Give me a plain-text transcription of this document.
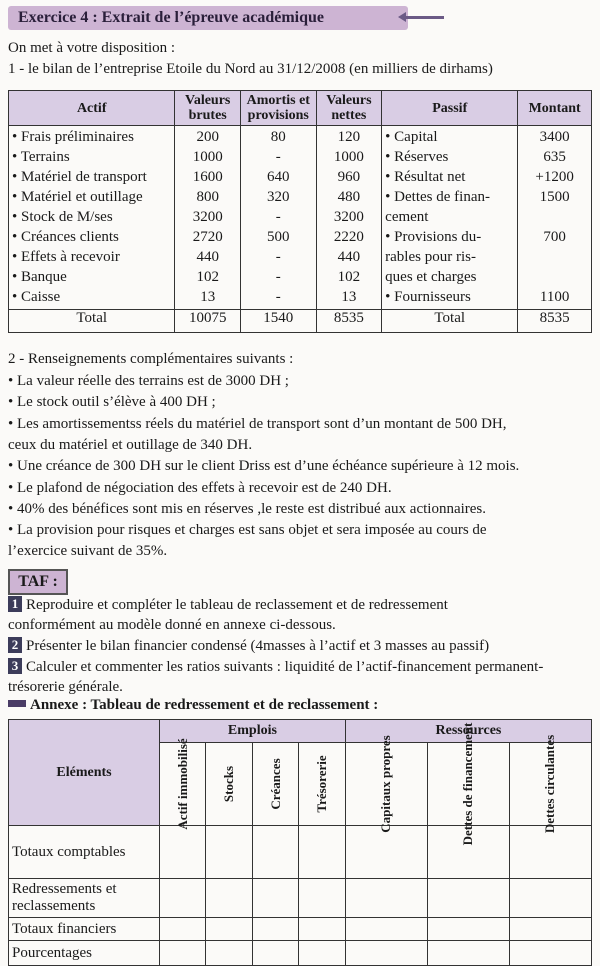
Exercice 4 : Extrait de l’épreuve académique
On met à votre disposition :
1 - le bilan de l’entreprise Etoile du Nord au 31/12/2008 (en milliers de dirhams)
Actif	Valeurs brutes	Amortis et provisions	Valeurs nettes	Passif	Montant
• Frais préliminaires	200	80	120	• Capital	3400
• Terrains	1000	-	1000	• Réserves	635
• Matériel de transport	1600	640	960	• Résultat net	+1200
• Matériel et outillage	800	320	480	• Dettes de finan-	1500
• Stock de M/ses	3200	-	3200	cement	
• Créances clients	2720	500	2220	• Provisions du-	700
• Effets à recevoir	440	-	440	rables pour ris-	
• Banque	102	-	102	ques et charges	
• Caisse	13	-	13	• Fournisseurs	1100
Total	10075	1540	8535	Total	8535
2 - Renseignements complémentaires suivants :
• La valeur réelle des terrains est de 3000 DH ;
• Le stock outil s’élève à 400 DH ;
• Les amortissementss réels du matériel de transport sont d’un montant de 500 DH,
ceux du matériel et outillage de 340 DH.
• Une créance de 300 DH sur le client Driss est d’une échéance supérieure à 12 mois.
• Le plafond de négociation des effets à recevoir est de 240 DH.
• 40% des bénéfices sont mis en réserves ,le reste est distribué aux actionnaires.
• La provision pour risques et charges est sans objet et sera imposée au cours de
l’exercice suivant de 35%.
TAF :
1 Reproduire et compléter le tableau de reclassement et de redressement
conformément au modèle donné en annexe ci-dessous.
2 Présenter le bilan financier condensé (4masses à l’actif et 3 masses au passif)
3 Calculer et commenter les ratios suivants : liquidité de l’actif-financement permanent-
trésorerie générale.
Annexe : Tableau de redressement et de reclassement :
Eléments	Emplois				Ressources		

	Actif immobilisé	Stocks	Créances	Trésorerie	Capitaux propres	Dettes de financement	Dettes circulantes

Totaux comptables							
Redressements et reclassements							
Totaux financiers							
Pourcentages							
